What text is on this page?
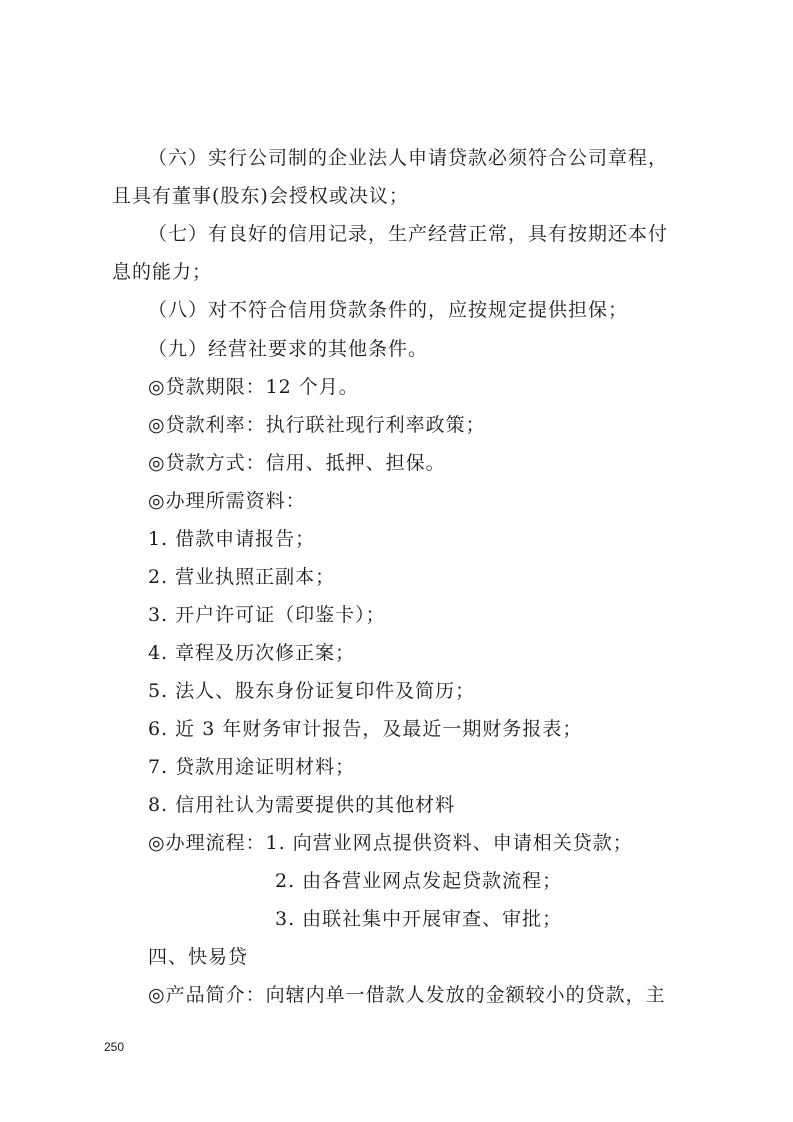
（六）实行公司制的企业法人申请贷款必须符合公司章程，
且具有董事(股东)会授权或决议；
（七）有良好的信用记录，生产经营正常，具有按期还本付
息的能力；
（八）对不符合信用贷款条件的，应按规定提供担保；
（九）经营社要求的其他条件。
◎贷款期限：12 个月。
◎贷款利率：执行联社现行利率政策；
◎贷款方式：信用、抵押、担保。
◎办理所需资料：
1. 借款申请报告；
2. 营业执照正副本；
3. 开户许可证（印鉴卡）；
4. 章程及历次修正案；
5. 法人、股东身份证复印件及简历；
6. 近 3 年财务审计报告，及最近一期财务报表；
7. 贷款用途证明材料；
8. 信用社认为需要提供的其他材料
◎办理流程：1. 向营业网点提供资料、申请相关贷款；
2. 由各营业网点发起贷款流程；
3. 由联社集中开展审查、审批；
四、快易贷
◎产品简介：向辖内单一借款人发放的金额较小的贷款，主
250
